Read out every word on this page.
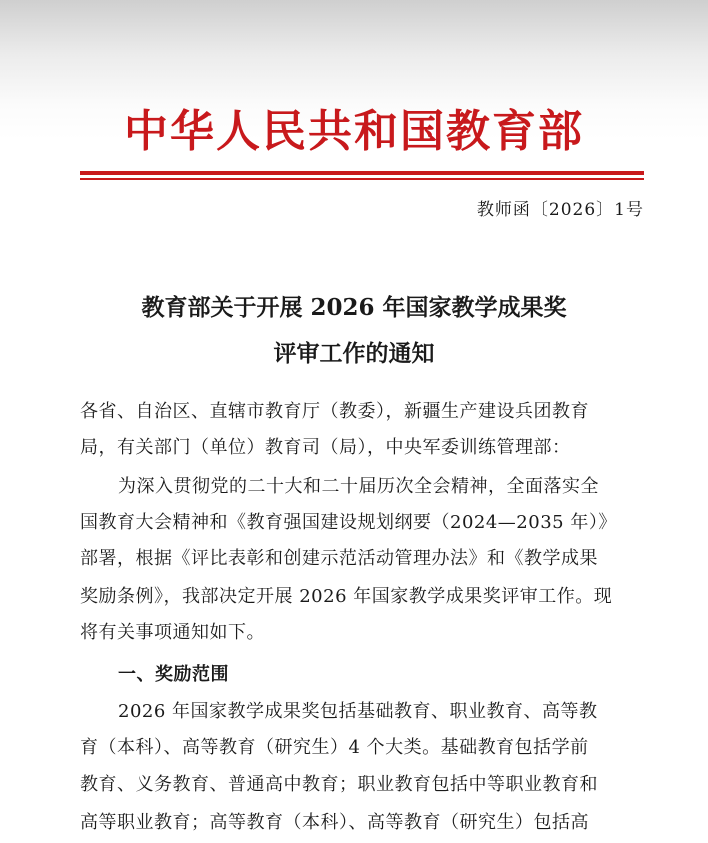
中华人民共和国教育部
教师函〔2026〕1号
教育部关于开展 2026 年国家教学成果奖
评审工作的通知
各省、自治区、直辖市教育厅（教委），新疆生产建设兵团教育
局，有关部门（单位）教育司（局），中央军委训练管理部：
为深入贯彻党的二十大和二十届历次全会精神，全面落实全
国教育大会精神和《教育强国建设规划纲要（2024—2035 年）》
部署，根据《评比表彰和创建示范活动管理办法》和《教学成果
奖励条例》，我部决定开展 2026 年国家教学成果奖评审工作。现
将有关事项通知如下。
一、奖励范围
2026 年国家教学成果奖包括基础教育、职业教育、高等教
育（本科）、高等教育（研究生）4 个大类。基础教育包括学前
教育、义务教育、普通高中教育；职业教育包括中等职业教育和
高等职业教育；高等教育（本科）、高等教育（研究生）包括高
